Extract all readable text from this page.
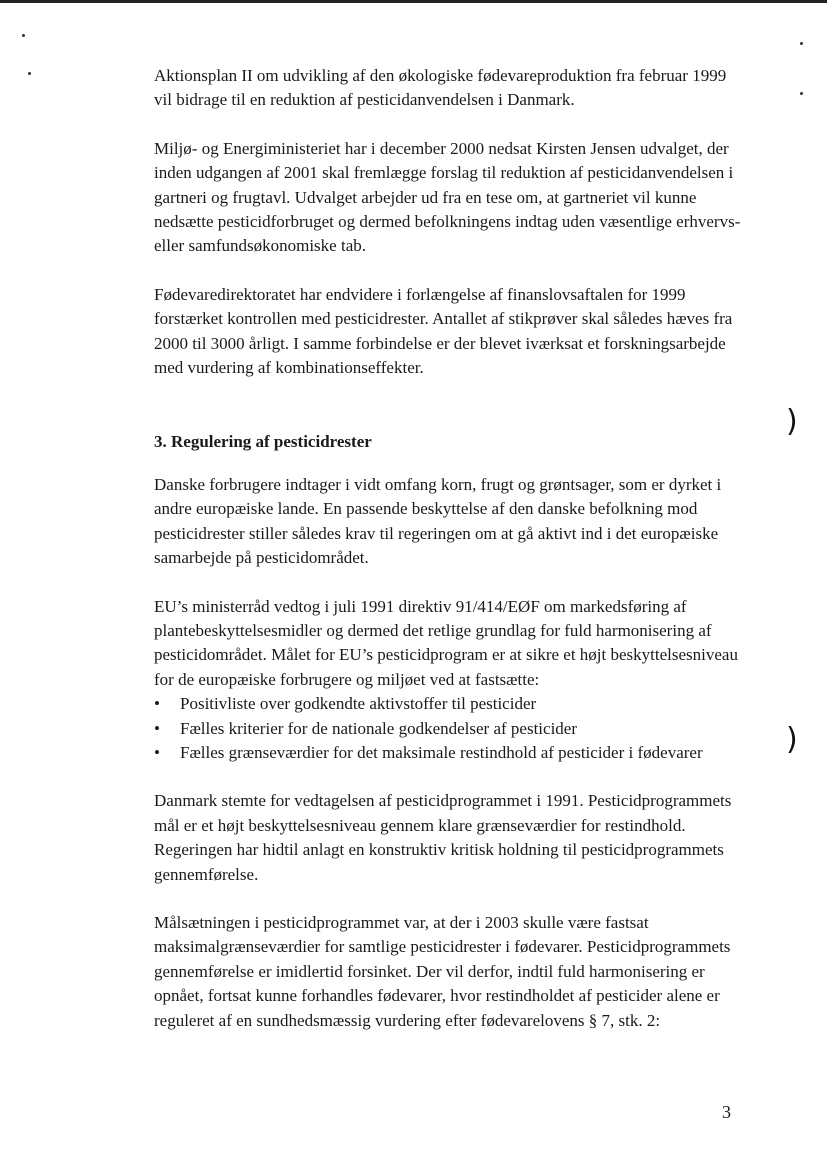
)
)

Aktionsplan II om udvikling af den økologiske fødevareproduktion fra februar 1999 vil bidrage til en reduktion af pesticidanvendelsen i Danmark.

Miljø- og Energiministeriet har i december 2000 nedsat Kirsten Jensen udvalget, der inden udgangen af 2001 skal fremlægge forslag til reduktion af pesticidanvendelsen i gartneri og frugtavl. Udvalget arbejder ud fra en tese om, at gartneriet vil kunne nedsætte pesticidforbruget og dermed befolkningens indtag uden væsentlige erhvervs- eller samfundsøkonomiske tab.

Fødevaredirektoratet har endvidere i forlængelse af finanslovsaftalen for 1999 forstærket kontrollen med pesticidrester. Antallet af stikprøver skal således hæves fra 2000 til 3000 årligt. I samme forbindelse er der blevet iværksat et forskningsarbejde med vurdering af kombinationseffekter.

3. Regulering af pesticidrester

Danske forbrugere indtager i vidt omfang korn, frugt og grøntsager, som er dyrket i andre europæiske lande. En passende beskyttelse af den danske befolkning mod pesticidrester stiller således krav til regeringen om at gå aktivt ind i det europæiske samarbejde på pesticidområdet.

EU’s ministerråd vedtog i juli 1991 direktiv 91/414/EØF om markedsføring af plantebeskyttelsesmidler og dermed det retlige grundlag for fuld harmonisering af pesticidområdet. Målet for EU’s pesticidprogram er at sikre et højt beskyttelsesniveau for de europæiske forbrugere og miljøet ved at fastsætte:

• Positivliste over godkendte aktivstoffer til pesticider
• Fælles kriterier for de nationale godkendelser af pesticider
• Fælles grænseværdier for det maksimale restindhold af pesticider i fødevarer

Danmark stemte for vedtagelsen af pesticidprogrammet i 1991. Pesticidprogrammets mål er et højt beskyttelsesniveau gennem klare grænseværdier for restindhold. Regeringen har hidtil anlagt en konstruktiv kritisk holdning til pesticidprogrammets gennemførelse.

Målsætningen i pesticidprogrammet var, at der i 2003 skulle være fastsat maksimalgrænseværdier for samtlige pesticidrester i fødevarer. Pesticidprogrammets gennemførelse er imidlertid forsinket. Der vil derfor, indtil fuld harmonisering er opnået, fortsat kunne forhandles fødevarer, hvor restindholdet af pesticider alene er reguleret af en sundhedsmæssig vurdering efter fødevarelovens § 7, stk. 2:

3
